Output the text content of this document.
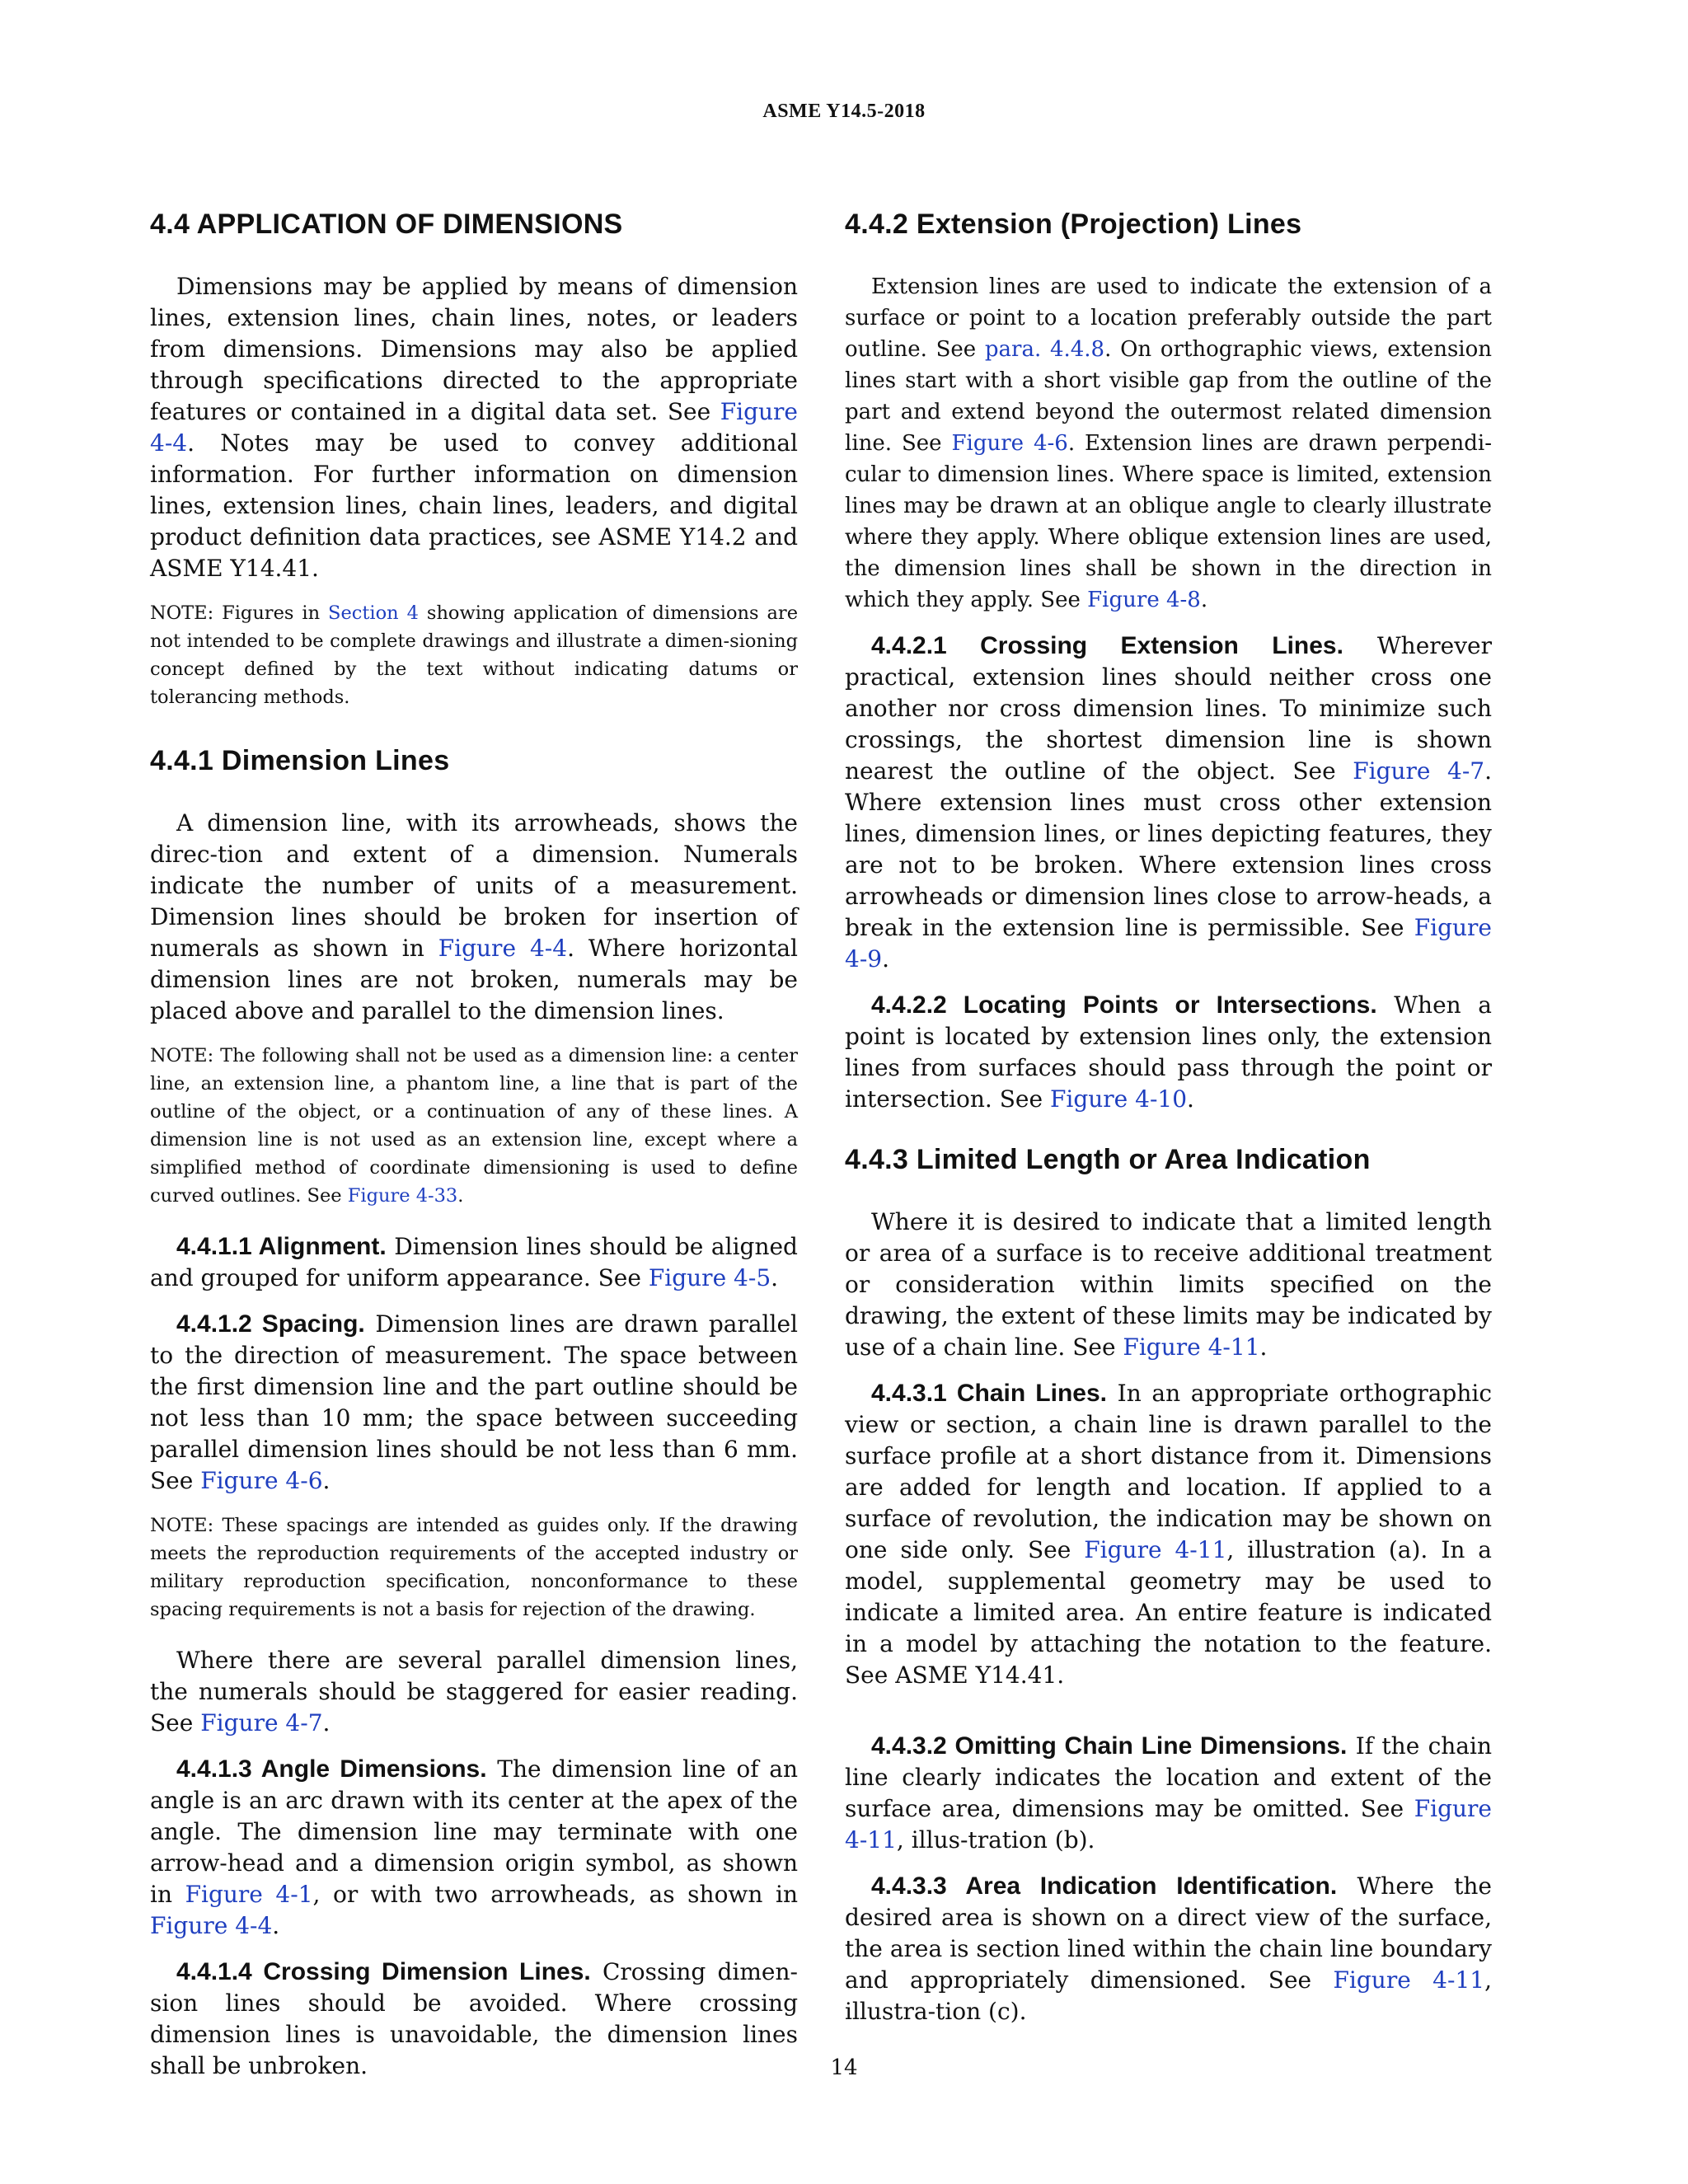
ASME Y14.5-2018
4.4 APPLICATION OF DIMENSIONS

Dimensions may be applied by means of dimension lines, extension lines, chain lines, notes, or leaders from dimensions. Dimensions may also be applied through specifications directed to the appropriate features or contained in a digital data set. See Figure 4-4. Notes may be used to convey additional information. For further information on dimension lines, extension lines, chain lines, leaders, and digital product definition data practices, see ASME Y14.2 and ASME Y14.41.

NOTE: Figures in Section 4 showing application of dimensions are not intended to be complete drawings and illustrate a dimen-sioning concept defined by the text without indicating datums or tolerancing methods.

4.4.1 Dimension Lines

A dimension line, with its arrowheads, shows the direc-tion and extent of a dimension. Numerals indicate the number of units of a measurement. Dimension lines should be broken for insertion of numerals as shown in Figure 4-4. Where horizontal dimension lines are not broken, numerals may be placed above and parallel to the dimension lines.

NOTE: The following shall not be used as a dimension line: a center line, an extension line, a phantom line, a line that is part of the outline of the object, or a continuation of any of these lines. A dimension line is not used as an extension line, except where a simplified method of coordinate dimensioning is used to define curved outlines. See Figure 4-33.

4.4.1.1 Alignment. Dimension lines should be aligned and grouped for uniform appearance. See Figure 4-5.

4.4.1.2 Spacing. Dimension lines are drawn parallel to the direction of measurement. The space between the first dimension line and the part outline should be not less than 10 mm; the space between succeeding parallel dimension lines should be not less than 6 mm. See Figure 4-6.

NOTE: These spacings are intended as guides only. If the drawing meets the reproduction requirements of the accepted industry or military reproduction specification, nonconformance to these spacing requirements is not a basis for rejection of the drawing.

Where there are several parallel dimension lines, the numerals should be staggered for easier reading. See Figure 4-7.

4.4.1.3 Angle Dimensions. The dimension line of an angle is an arc drawn with its center at the apex of the angle. The dimension line may terminate with one arrow-head and a dimension origin symbol, as shown in Figure 4-1, or with two arrowheads, as shown in Figure 4-4.

4.4.1.4 Crossing Dimension Lines. Crossing dimen-sion lines should be avoided. Where crossing dimension lines is unavoidable, the dimension lines shall be unbroken.

4.4.2 Extension (Projection) Lines

Extension lines are used to indicate the extension of a surface or point to a location preferably outside the part outline. See para. 4.4.8. On orthographic views, extension lines start with a short visible gap from the outline of the part and extend beyond the outermost related dimension line. See Figure 4-6. Extension lines are drawn perpendi-cular to dimension lines. Where space is limited, extension lines may be drawn at an oblique angle to clearly illustrate where they apply. Where oblique extension lines are used, the dimension lines shall be shown in the direction in which they apply. See Figure 4-8.

4.4.2.1 Crossing Extension Lines. Wherever practical, extension lines should neither cross one another nor cross dimension lines. To minimize such crossings, the shortest dimension line is shown nearest the outline of the object. See Figure 4-7. Where extension lines must cross other extension lines, dimension lines, or lines depicting features, they are not to be broken. Where extension lines cross arrowheads or dimension lines close to arrow-heads, a break in the extension line is permissible. See Figure 4-9.

4.4.2.2 Locating Points or Intersections. When a point is located by extension lines only, the extension lines from surfaces should pass through the point or intersection. See Figure 4-10.

4.4.3 Limited Length or Area Indication

Where it is desired to indicate that a limited length or area of a surface is to receive additional treatment or consideration within limits specified on the drawing, the extent of these limits may be indicated by use of a chain line. See Figure 4-11.

4.4.3.1 Chain Lines. In an appropriate orthographic view or section, a chain line is drawn parallel to the surface profile at a short distance from it. Dimensions are added for length and location. If applied to a surface of revolution, the indication may be shown on one side only. See Figure 4-11, illustration (a). In a model, supplemental geometry may be used to indicate a limited area. An entire feature is indicated in a model by attaching the notation to the feature. See ASME Y14.41.

4.4.3.2 Omitting Chain Line Dimensions. If the chain line clearly indicates the location and extent of the surface area, dimensions may be omitted. See Figure 4-11, illus-tration (b).

4.4.3.3 Area Indication Identification. Where the desired area is shown on a direct view of the surface, the area is section lined within the chain line boundary and appropriately dimensioned. See Figure 4-11, illustra-tion (c).

14
